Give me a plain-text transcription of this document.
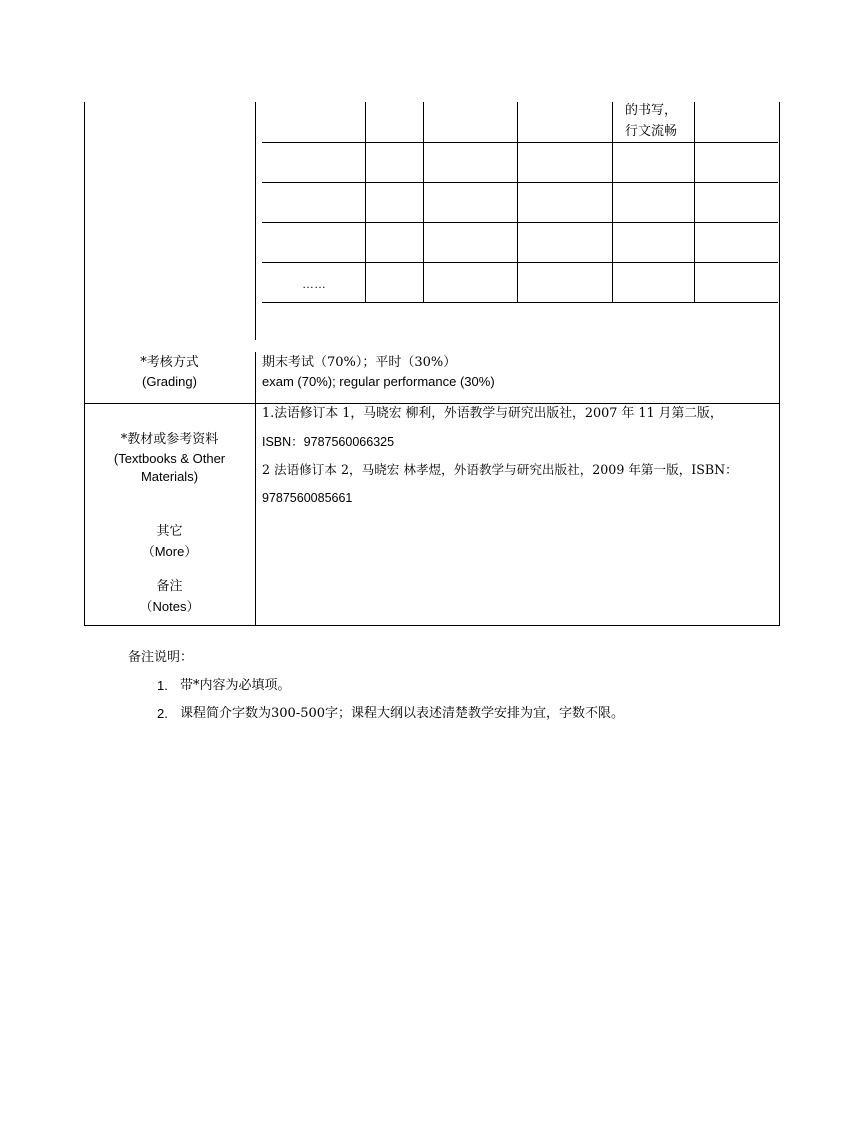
的书写，
行文流畅
……
*考核方式
(Grading)
期末考试（70%）；平时（30%）
exam (70%); regular performance (30%)
*教材或参考资料
(Textbooks & Other
Materials)
1.法语修订本 1，马晓宏 柳利，外语教学与研究出版社，2007 年 11 月第二版，
ISBN：9787560066325
2 法语修订本 2，马晓宏 林孝煜，外语教学与研究出版社，2009 年第一版，ISBN：
9787560085661
其它
（More）
备注
（Notes）
备注说明：
1. 带*内容为必填项。
2. 课程简介字数为300-500字；课程大纲以表述清楚教学安排为宜，字数不限。
